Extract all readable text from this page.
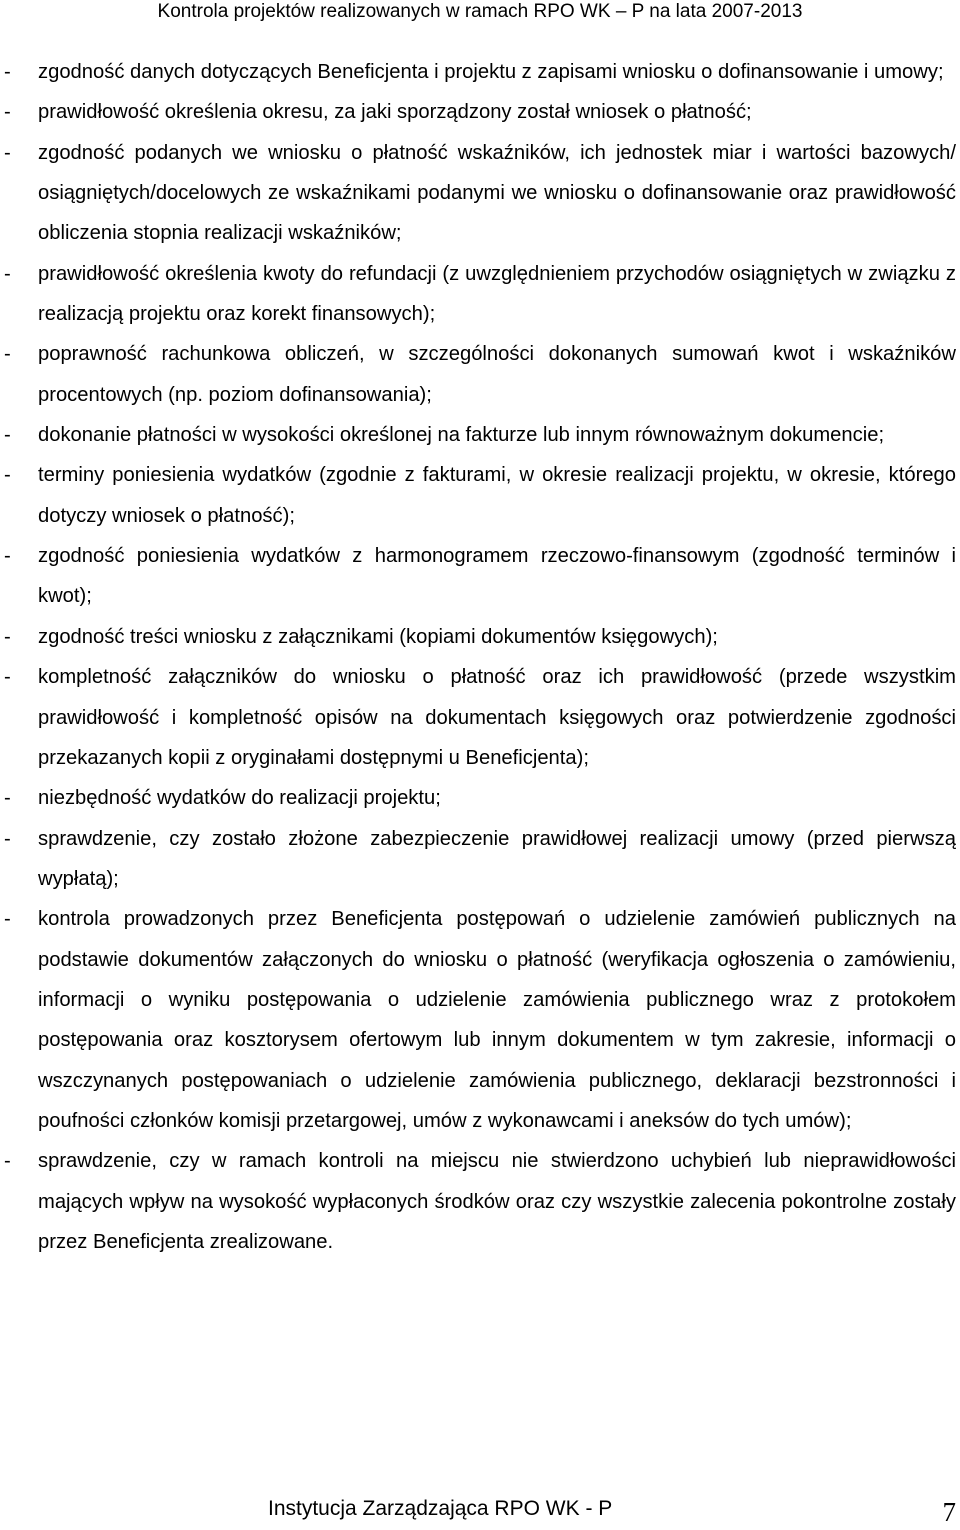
Kontrola projektów realizowanych w ramach RPO WK – P na lata 2007-2013
- zgodność danych dotyczących Beneficjenta i projektu z zapisami wniosku o dofinansowanie i umowy;
- prawidłowość określenia okresu, za jaki sporządzony został wniosek o płatność;
- zgodność podanych we wniosku o płatność wskaźników, ich jednostek miar i wartości bazowych/ osiągniętych/docelowych ze wskaźnikami podanymi we wniosku o dofinansowanie oraz prawidłowość obliczenia stopnia realizacji wskaźników;
- prawidłowość określenia kwoty do refundacji (z uwzględnieniem przychodów osiągniętych w związku z realizacją projektu oraz korekt finansowych);
- poprawność rachunkowa obliczeń, w szczególności dokonanych sumowań kwot i wskaźników procentowych (np. poziom dofinansowania);
- dokonanie płatności w wysokości określonej na fakturze lub innym równoważnym dokumencie;
- terminy poniesienia wydatków (zgodnie z fakturami, w okresie realizacji projektu, w okresie, którego dotyczy wniosek o płatność);
- zgodność poniesienia wydatków z harmonogramem rzeczowo-finansowym (zgodność terminów i kwot);
- zgodność treści wniosku z załącznikami (kopiami dokumentów księgowych);
- kompletność załączników do wniosku o płatność oraz ich prawidłowość (przede wszystkim prawidłowość i kompletność opisów na dokumentach księgowych oraz potwierdzenie zgodności przekazanych kopii z oryginałami dostępnymi u Beneficjenta);
- niezbędność wydatków do realizacji projektu;
- sprawdzenie, czy zostało złożone zabezpieczenie prawidłowej realizacji umowy (przed pierwszą wypłatą);
- kontrola prowadzonych przez Beneficjenta postępowań o udzielenie zamówień publicznych na podstawie dokumentów załączonych do wniosku o płatność (weryfikacja ogłoszenia o zamówieniu, informacji o wyniku postępowania o udzielenie zamówienia publicznego wraz z protokołem postępowania oraz kosztorysem ofertowym lub innym dokumentem w tym zakresie, informacji o wszczynanych postępowaniach o udzielenie zamówienia publicznego, deklaracji bezstronności i poufności członków komisji przetargowej, umów z wykonawcami i aneksów do tych umów);
- sprawdzenie, czy w ramach kontroli na miejscu nie stwierdzono uchybień lub nieprawidłowości mających wpływ na wysokość wypłaconych środków oraz czy wszystkie zalecenia pokontrolne zostały przez Beneficjenta zrealizowane.
Instytucja Zarządzająca RPO WK - P	7
